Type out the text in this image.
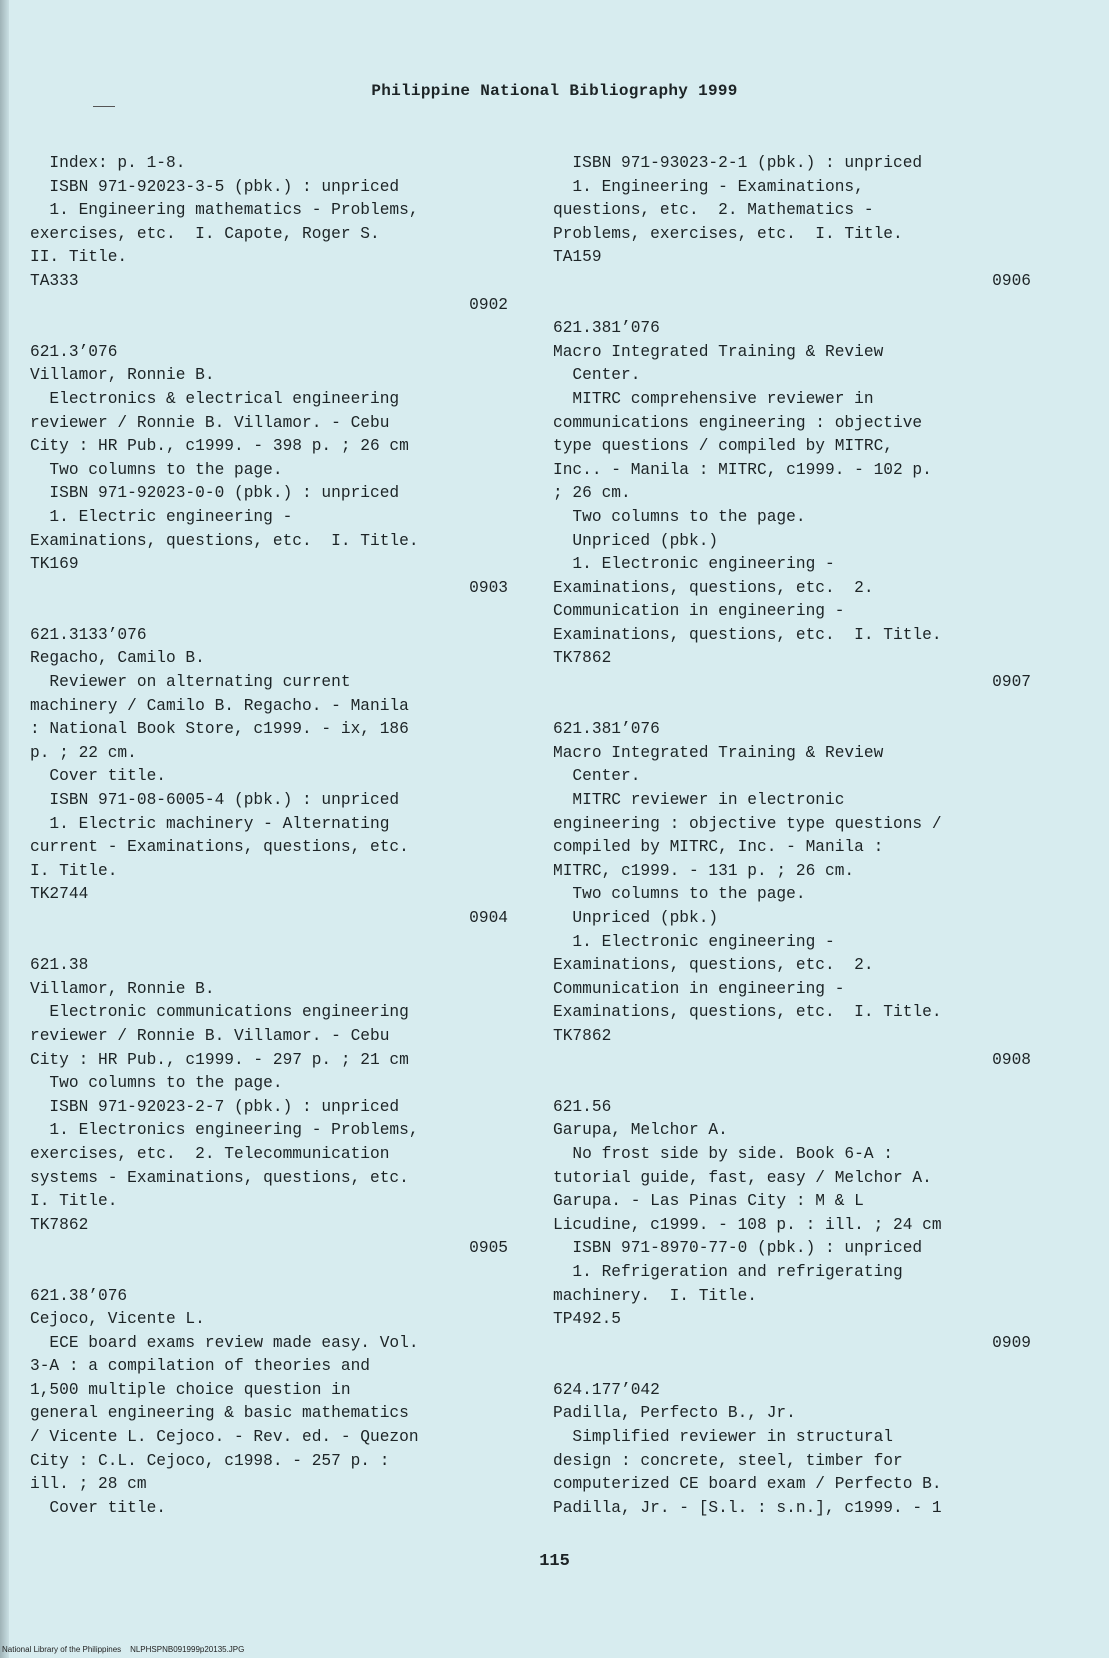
Philippine National Bibliography 1999
Index: p. 1-8.
ISBN 971-92023-3-5 (pbk.) : unpriced
1. Engineering mathematics - Problems,
exercises, etc.  I. Capote, Roger S.
II. Title.
TA333
0902
621.3’076
Villamor, Ronnie B.
Electronics & electrical engineering
reviewer / Ronnie B. Villamor. - Cebu
City : HR Pub., c1999. - 398 p. ; 26 cm
Two columns to the page.
ISBN 971-92023-0-0 (pbk.) : unpriced
1. Electric engineering -
Examinations, questions, etc.  I. Title.
TK169
0903
621.3133’076
Regacho, Camilo B.
Reviewer on alternating current
machinery / Camilo B. Regacho. - Manila
: National Book Store, c1999. - ix, 186
p. ; 22 cm.
Cover title.
ISBN 971-08-6005-4 (pbk.) : unpriced
1. Electric machinery - Alternating
current - Examinations, questions, etc.
I. Title.
TK2744
0904
621.38
Villamor, Ronnie B.
Electronic communications engineering
reviewer / Ronnie B. Villamor. - Cebu
City : HR Pub., c1999. - 297 p. ; 21 cm
Two columns to the page.
ISBN 971-92023-2-7 (pbk.) : unpriced
1. Electronics engineering - Problems,
exercises, etc.  2. Telecommunication
systems - Examinations, questions, etc.
I. Title.
TK7862
0905
621.38’076
Cejoco, Vicente L.
ECE board exams review made easy. Vol.
3-A : a compilation of theories and
1,500 multiple choice question in
general engineering & basic mathematics
/ Vicente L. Cejoco. - Rev. ed. - Quezon
City : C.L. Cejoco, c1998. - 257 p. :
ill. ; 28 cm
Cover title.
ISBN 971-93023-2-1 (pbk.) : unpriced
1. Engineering - Examinations,
questions, etc.  2. Mathematics -
Problems, exercises, etc.  I. Title.
TA159
0906
621.381’076
Macro Integrated Training & Review
Center.
MITRC comprehensive reviewer in
communications engineering : objective
type questions / compiled by MITRC,
Inc.. - Manila : MITRC, c1999. - 102 p.
; 26 cm.
Two columns to the page.
Unpriced (pbk.)
1. Electronic engineering -
Examinations, questions, etc.  2.
Communication in engineering -
Examinations, questions, etc.  I. Title.
TK7862
0907
621.381’076
Macro Integrated Training & Review
Center.
MITRC reviewer in electronic
engineering : objective type questions /
compiled by MITRC, Inc. - Manila :
MITRC, c1999. - 131 p. ; 26 cm.
Two columns to the page.
Unpriced (pbk.)
1. Electronic engineering -
Examinations, questions, etc.  2.
Communication in engineering -
Examinations, questions, etc.  I. Title.
TK7862
0908
621.56
Garupa, Melchor A.
No frost side by side. Book 6-A :
tutorial guide, fast, easy / Melchor A.
Garupa. - Las Pinas City : M & L
Licudine, c1999. - 108 p. : ill. ; 24 cm
ISBN 971-8970-77-0 (pbk.) : unpriced
1. Refrigeration and refrigerating
machinery.  I. Title.
TP492.5
0909
624.177’042
Padilla, Perfecto B., Jr.
Simplified reviewer in structural
design : concrete, steel, timber for
computerized CE board exam / Perfecto B.
Padilla, Jr. - [S.l. : s.n.], c1999. - 1
115
National Library of the Philippines    NLPHSPNB091999p20135.JPG
